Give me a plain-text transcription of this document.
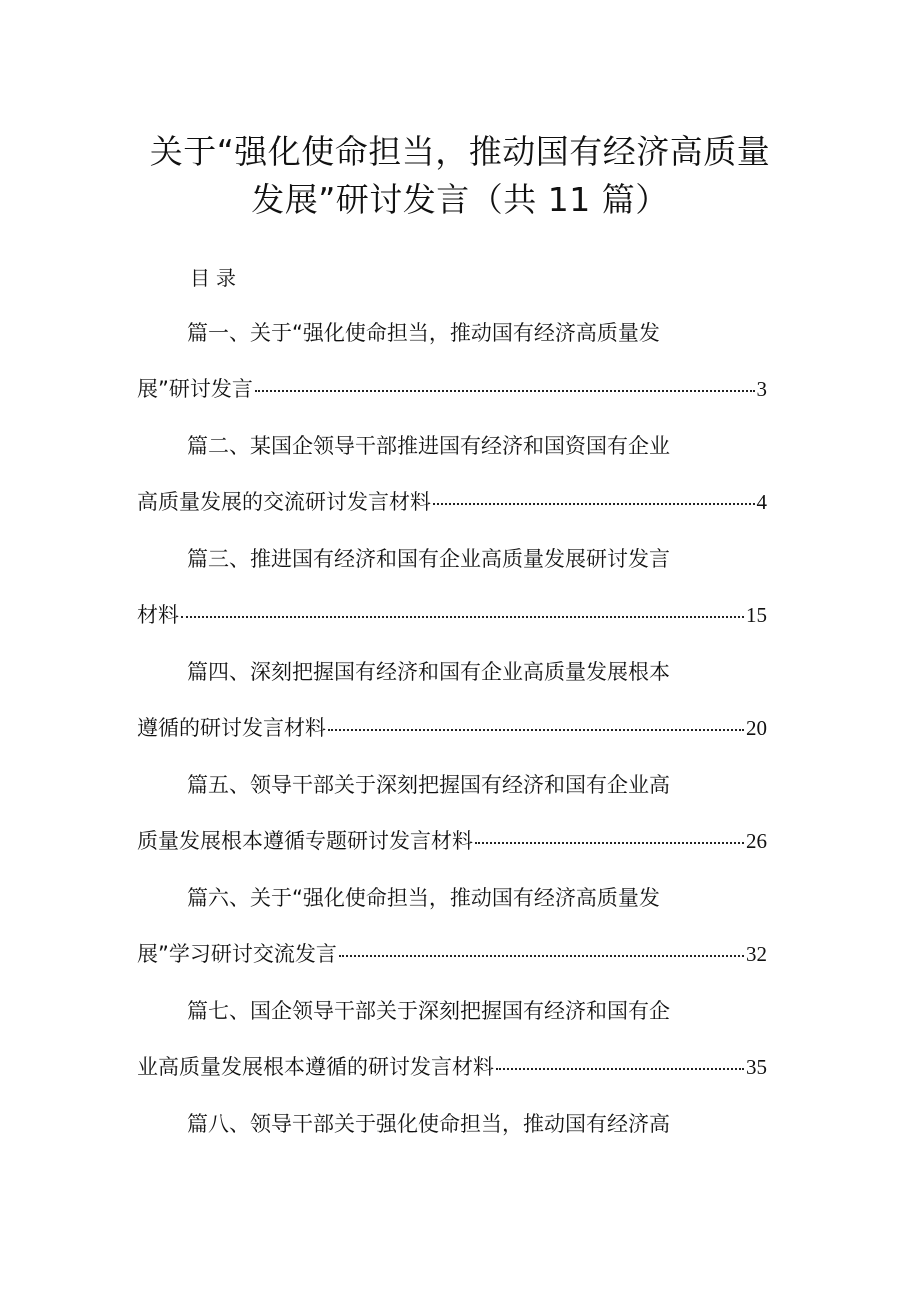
关于“强化使命担当，推动国有经济高质量
发展”研讨发言（共 11 篇）
目录
篇一、关于“强化使命担当，推动国有经济高质量发
展”研讨发言	3
篇二、某国企领导干部推进国有经济和国资国有企业
高质量发展的交流研讨发言材料	4
篇三、推进国有经济和国有企业高质量发展研讨发言
材料	15
篇四、深刻把握国有经济和国有企业高质量发展根本
遵循的研讨发言材料	20
篇五、领导干部关于深刻把握国有经济和国有企业高
质量发展根本遵循专题研讨发言材料	26
篇六、关于“强化使命担当，推动国有经济高质量发
展”学习研讨交流发言	32
篇七、国企领导干部关于深刻把握国有经济和国有企
业高质量发展根本遵循的研讨发言材料	35
篇八、领导干部关于强化使命担当，推动国有经济高
